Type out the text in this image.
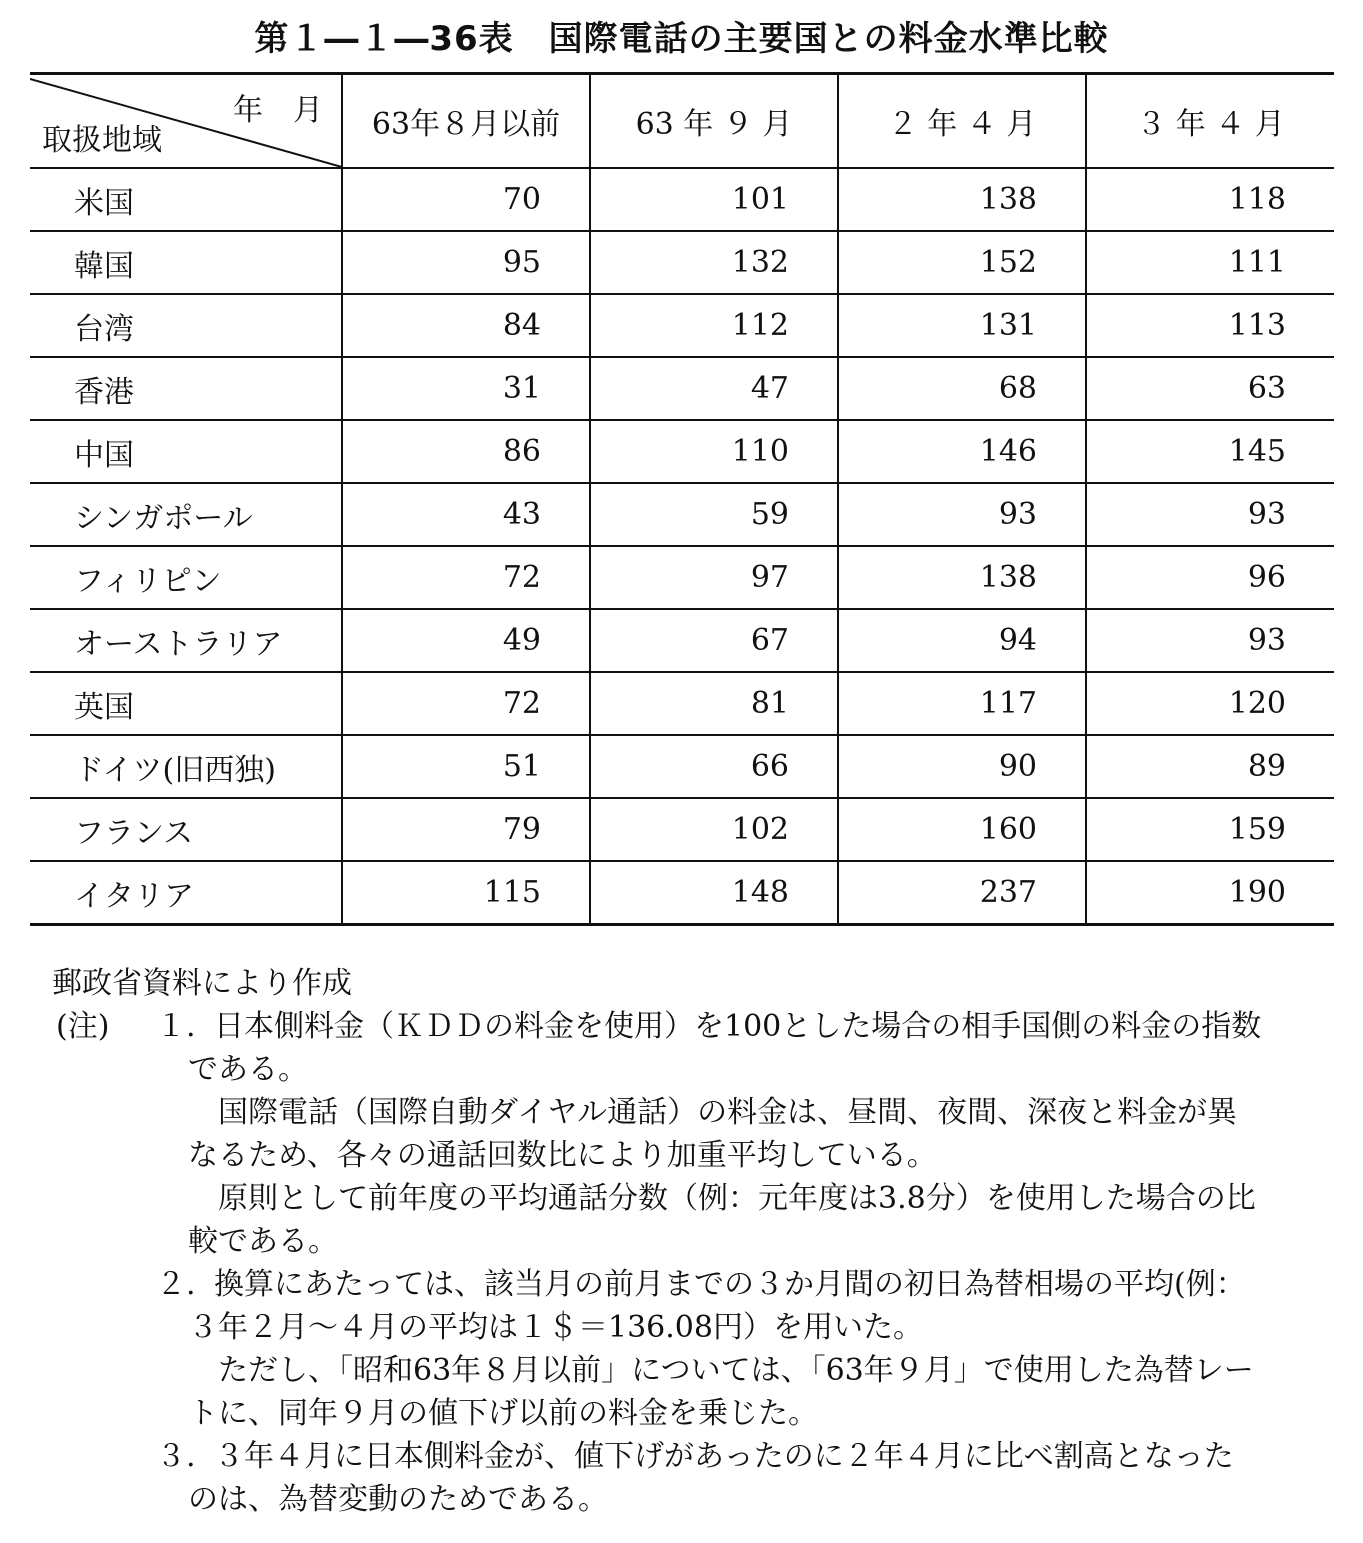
第１―１―36表　国際電話の主要国との料金水準比較
年　月
取扱地域	63年８月以前	63 年 ９ 月	２ 年 ４ 月	３ 年 ４ 月
米国	70	101	138	118
韓国	95	132	152	111
台湾	84	112	131	113
香港	31	47	68	63
中国	86	110	146	145
シンガポール	43	59	93	93
フィリピン	72	97	138	96
オーストラリア	49	67	94	93
英国	72	81	117	120
ドイツ(旧西独)	51	66	90	89
フランス	79	102	160	159
イタリア	115	148	237	190
郵政省資料により作成
(注) １. 日本側料金（ＫＤＤの料金を使用）を100とした場合の相手国側の料金の指数
である。
国際電話（国際自動ダイヤル通話）の料金は、昼間、夜間、深夜と料金が異
なるため、各々の通話回数比により加重平均している。
原則として前年度の平均通話分数（例：元年度は3.8分）を使用した場合の比
較である。
２. 換算にあたっては、該当月の前月までの３か月間の初日為替相場の平均(例：
３年２月～４月の平均は１＄＝136.08円）を用いた。
ただし、「昭和63年８月以前」については、「63年９月」で使用した為替レー
トに、同年９月の値下げ以前の料金を乗じた。
３. ３年４月に日本側料金が、値下げがあったのに２年４月に比べ割高となった
のは、為替変動のためである。
